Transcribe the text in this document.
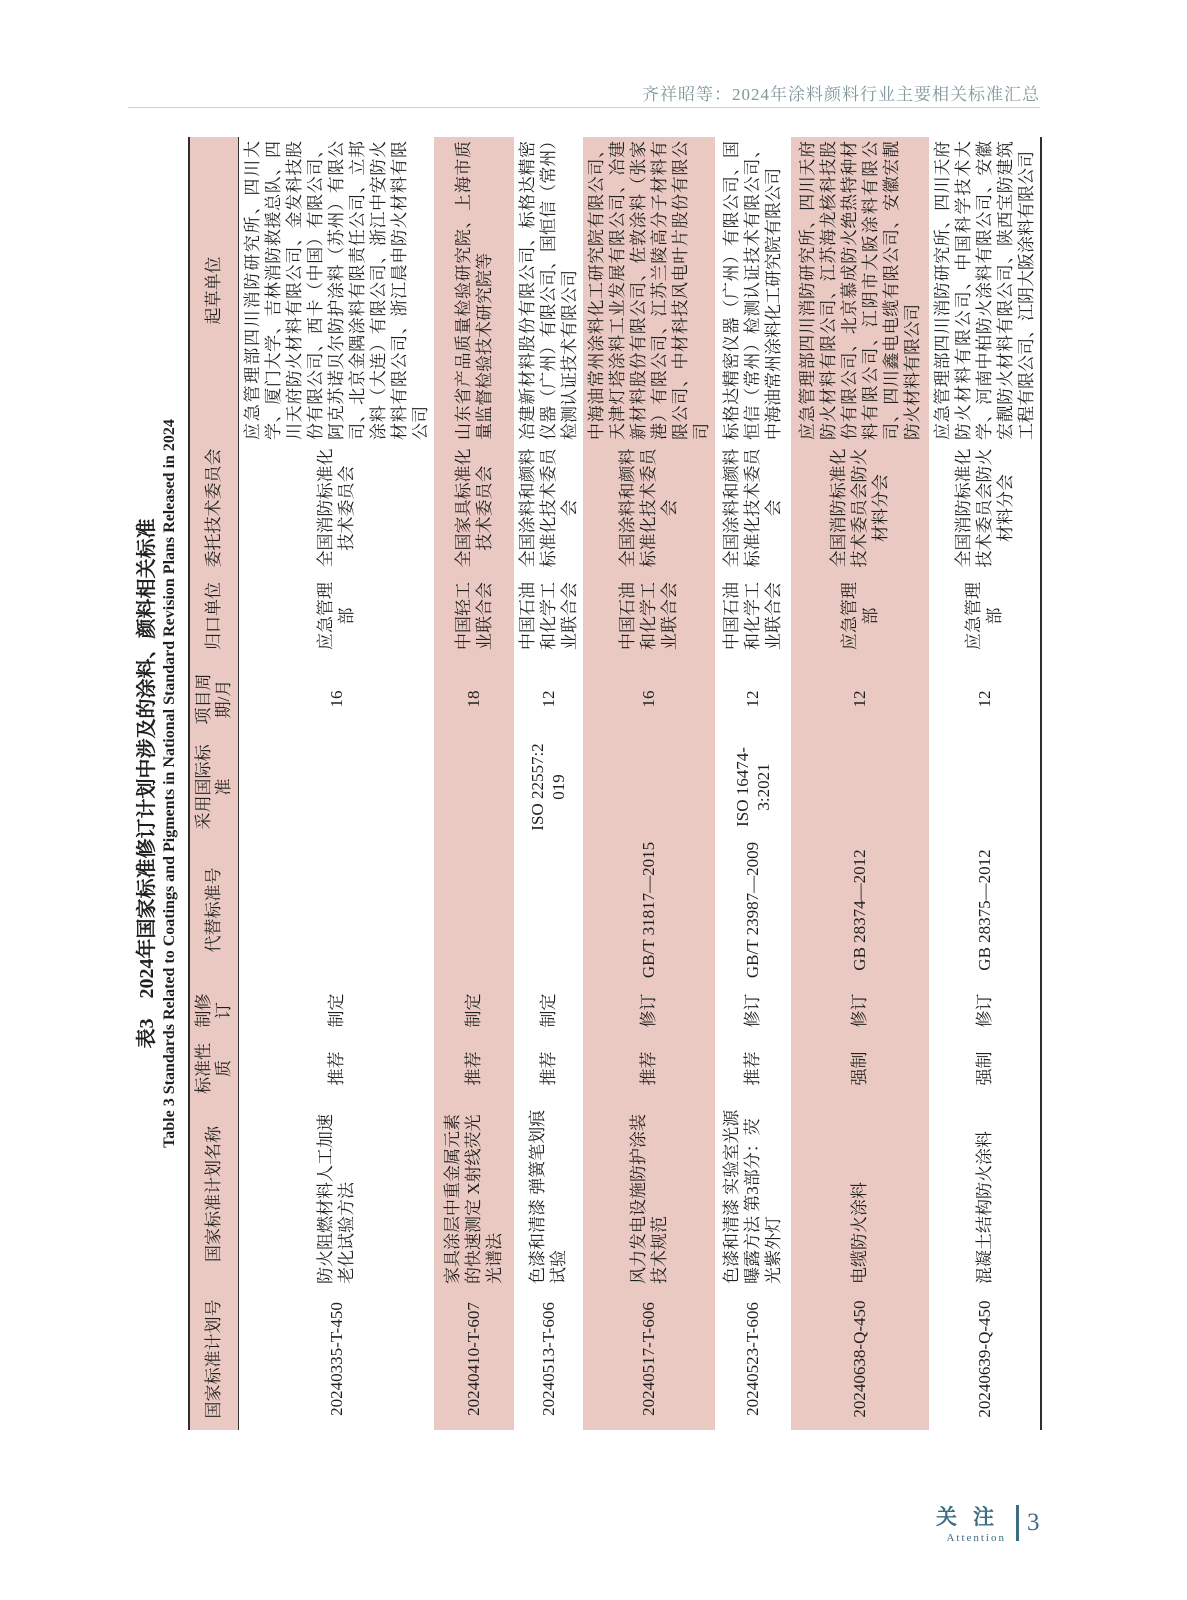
齐祥昭等：2024年涂料颜料行业主要相关标准汇总
表3　2024年国家标准修订计划中涉及的涂料、颜料相关标准 Table 3 Standards Related to Coatings and Pigments in National Standard Revision Plans Released in 2024
国家标准计划号	国家标准计划名称	标准性质	制修订	代替标准号	采用国际标准	项目周期/月	归口单位	委托技术委员会	起草单位
20240335-T-450	防火阻燃材料人工加速老化试验方法	推荐	制定			16	应急管理部	全国消防标准化技术委员会	应急管理部四川消防研究所、四川大学、厦门大学、吉林消防救援总队、四川天府防火材料有限公司、金发科技股份有限公司、西卡（中国）有限公司、阿克苏诺贝尔防护涂料（苏州）有限公司、北京金隅涂料有限责任公司、立邦涂料（大连）有限公司、浙江中安防火材料有限公司、浙江晨申防火材料有限公司
20240410-T-607	家具涂层中重金属元素的快速测定 X射线荧光光谱法	推荐	制定			18	中国轻工业联合会	全国家具标准化技术委员会	山东省产品质量检验研究院、上海市质量监督检验技术研究院等
20240513-T-606	色漆和清漆 弹簧笔划痕试验	推荐	制定		ISO 22557:2019	12	中国石油和化学工业联合会	全国涂料和颜料标准化技术委员会	冶建新材料股份有限公司、标格达精密仪器（广州）有限公司、国恒信（常州）检测认证技术有限公司
20240517-T-606	风力发电设施防护涂装技术规范	推荐	修订	GB/T 31817—2015		16	中国石油和化学工业联合会	全国涂料和颜料标准化技术委员会	中海油常州涂料化工研究院有限公司、天津灯塔涂料工业发展有限公司、冶建新材料股份有限公司、佐敦涂料（张家港）有限公司、江苏兰陵高分子材料有限公司、中材科技风电叶片股份有限公司
20240523-T-606	色漆和清漆 实验室光源曝露方法 第3部分：荧光紫外灯	推荐	修订	GB/T 23987—2009	ISO 16474-3:2021	12	中国石油和化学工业联合会	全国涂料和颜料标准化技术委员会	标格达精密仪器（广州）有限公司、国恒信（常州）检测认证技术有限公司、中海油常州涂料化工研究院有限公司
20240638-Q-450	电缆防火涂料	强制	修订	GB 28374—2012		12	应急管理部	全国消防标准化技术委员会防火材料分会	应急管理部四川消防研究所、四川天府防火材料有限公司、江苏海龙核科技股份有限公司、北京慕成防火绝热特种材料有限公司、江阴市大阪涂料有限公司、四川鑫电电缆有限公司、安徽宏靓防火材料有限公司
20240639-Q-450	混凝土结构防火涂料	强制	修订	GB 28375—2012		12	应急管理部	全国消防标准化技术委员会防火材料分会	应急管理部四川消防研究所、四川天府防火材料有限公司、中国科学技术大学、河南中柏防火涂料有限公司、安徽宏靓防火材料有限公司、陕西宝防建筑工程有限公司、江阴大阪涂料有限公司
关注
Attention
3
